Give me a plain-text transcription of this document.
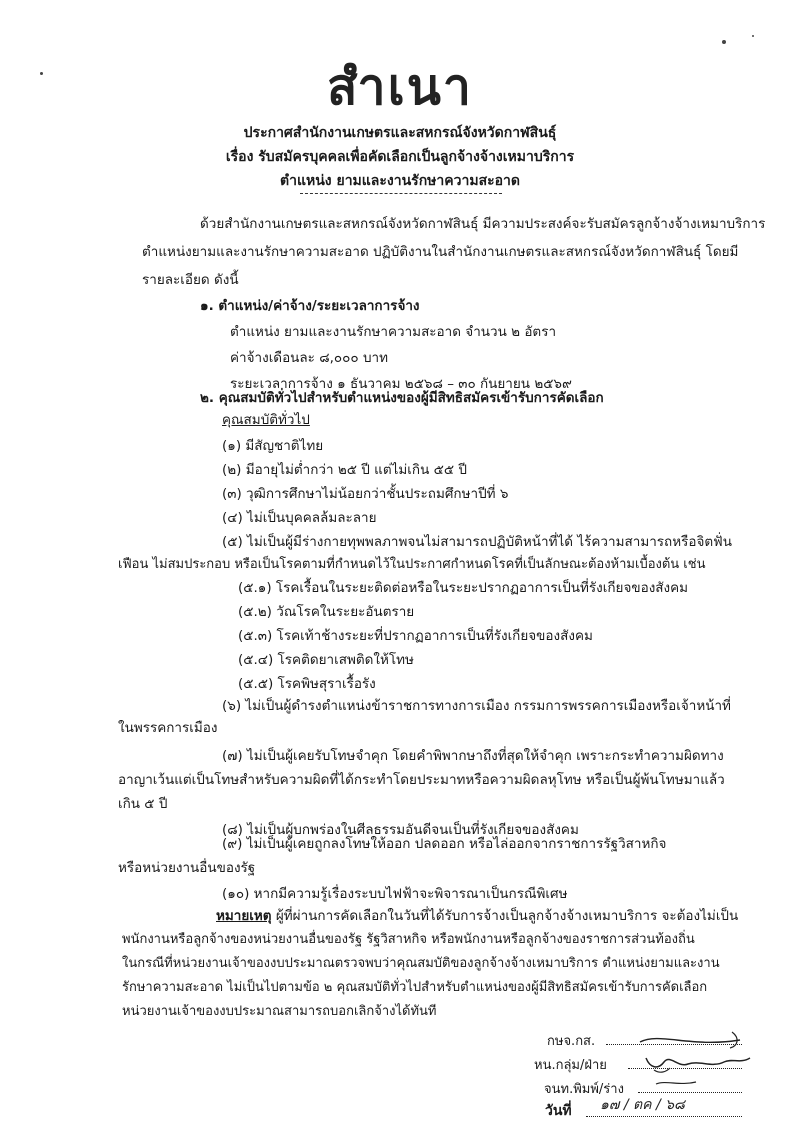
สำเนา
ประกาศสำนักงานเกษตรและสหกรณ์จังหวัดกาฬสินธุ์
เรื่อง รับสมัครบุคคลเพื่อคัดเลือกเป็นลูกจ้างจ้างเหมาบริการ
ตำแหน่ง ยามและงานรักษาความสะอาด
ด้วยสำนักงานเกษตรและสหกรณ์จังหวัดกาฬสินธุ์ มีความประสงค์จะรับสมัครลูกจ้างจ้างเหมาบริการ
ตำแหน่งยามและงานรักษาความสะอาด ปฏิบัติงานในสำนักงานเกษตรและสหกรณ์จังหวัดกาฬสินธุ์ โดยมี
รายละเอียด ดังนี้
๑. ตำแหน่ง/ค่าจ้าง/ระยะเวลาการจ้าง
ตำแหน่ง ยามและงานรักษาความสะอาด จำนวน ๒ อัตรา
ค่าจ้างเดือนละ ๘,๐๐๐ บาท
ระยะเวลาการจ้าง ๑ ธันวาคม ๒๕๖๘ – ๓๐ กันยายน ๒๕๖๙
๒. คุณสมบัติทั่วไปสำหรับตำแหน่งของผู้มีสิทธิสมัครเข้ารับการคัดเลือก
คุณสมบัติทั่วไป
(๑) มีสัญชาติไทย
(๒) มีอายุไม่ต่ำกว่า ๒๕ ปี แต่ไม่เกิน ๕๕ ปี
(๓) วุฒิการศึกษาไม่น้อยกว่าชั้นประถมศึกษาปีที่ ๖
(๔) ไม่เป็นบุคคลล้มละลาย
(๕) ไม่เป็นผู้มีร่างกายทุพพลภาพจนไม่สามารถปฏิบัติหน้าที่ได้ ไร้ความสามารถหรือจิตฟั่น
เฟือน ไม่สมประกอบ หรือเป็นโรคตามที่กำหนดไว้ในประกาศกำหนดโรคที่เป็นลักษณะต้องห้ามเบื้องต้น เช่น
(๕.๑) โรคเรื้อนในระยะติดต่อหรือในระยะปรากฏอาการเป็นที่รังเกียจของสังคม
(๕.๒) วัณโรคในระยะอันตราย
(๕.๓) โรคเท้าช้างระยะที่ปรากฏอาการเป็นที่รังเกียจของสังคม
(๕.๔) โรคติดยาเสพติดให้โทษ
(๕.๕) โรคพิษสุราเรื้อรัง
(๖) ไม่เป็นผู้ดำรงตำแหน่งข้าราชการทางการเมือง กรรมการพรรคการเมืองหรือเจ้าหน้าที่
ในพรรคการเมือง
(๗) ไม่เป็นผู้เคยรับโทษจำคุก โดยคำพิพากษาถึงที่สุดให้จำคุก เพราะกระทำความผิดทาง
อาญาเว้นแต่เป็นโทษสำหรับความผิดที่ได้กระทำโดยประมาทหรือความผิดลหุโทษ หรือเป็นผู้พ้นโทษมาแล้ว
เกิน ๕ ปี
(๘) ไม่เป็นผู้บกพร่องในศีลธรรมอันดีจนเป็นที่รังเกียจของสังคม
(๙) ไม่เป็นผู้เคยถูกลงโทษให้ออก ปลดออก หรือไล่ออกจากราชการรัฐวิสาหกิจ
หรือหน่วยงานอื่นของรัฐ
(๑๐) หากมีความรู้เรื่องระบบไฟฟ้าจะพิจารณาเป็นกรณีพิเศษ
หมายเหตุ ผู้ที่ผ่านการคัดเลือกในวันที่ได้รับการจ้างเป็นลูกจ้างจ้างเหมาบริการ จะต้องไม่เป็น
พนักงานหรือลูกจ้างของหน่วยงานอื่นของรัฐ รัฐวิสาหกิจ หรือพนักงานหรือลูกจ้างของราชการส่วนท้องถิ่น
ในกรณีที่หน่วยงานเจ้าของงบประมาณตรวจพบว่าคุณสมบัติของลูกจ้างจ้างเหมาบริการ ตำแหน่งยามและงาน
รักษาความสะอาด ไม่เป็นไปตามข้อ ๒ คุณสมบัติทั่วไปสำหรับตำแหน่งของผู้มีสิทธิสมัครเข้ารับการคัดเลือก
หน่วยงานเจ้าของงบประมาณสามารถบอกเลิกจ้างได้ทันที
กษจ.กส.
หน.กลุ่ม/ฝ่าย
จนท.พิมพ์/ร่าง
วันที่ ๑๗ / ตค / ๖๘
